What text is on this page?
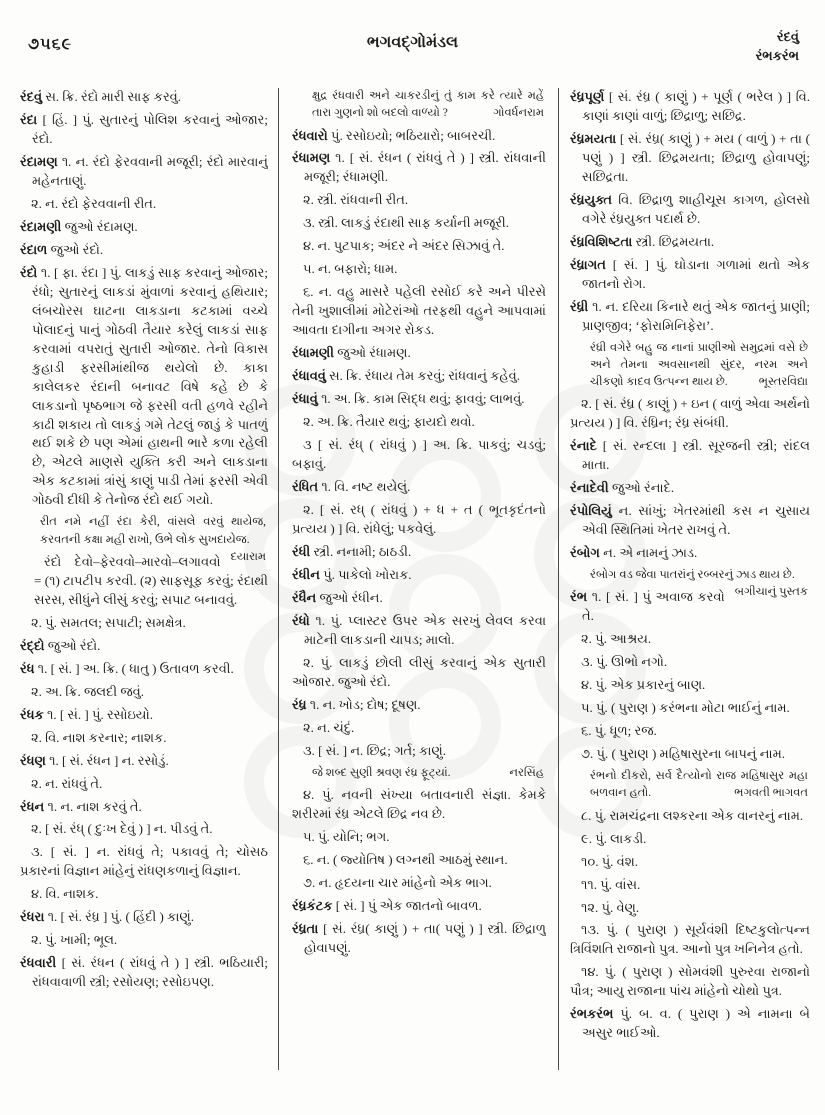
૭૫૬૯	ભગવદ્ગોમંડલ	રંદવું
રંભકરંભ

રંદવું સ. ક્રિ. રંદો મારી સાફ કરવું.

રંદા [ હિં. ] પું. સુતારનું પોલિશ કરવાનું ઓજાર; રંદો.

રંદામણ ૧. ન. રંદો ફેરવવાની મજૂરી; રંદો મારવાનું મહેનતાણું.

૨. ન. રંદો ફેરવવાની રીત.

રંદામણી જુઓ રંદામણ.

રંદાળ જુઓ રંદો.

રંદો ૧. [ ફા. રંદા ] પું. લાકડું સાફ કરવાનું ઓજાર; રંધો; સુતારનું લાકડાં મુંવાળાં કરવાનું હથિયાર; લંબચોરસ ઘાટના લાકડાના કટકામાં વચ્ચે પોલાદનું પાનું ગોઠવી તૈયાર કરેલું લાકડાં સાફ કરવામાં વપરાતું સુતારી ઓજાર. તેનો વિકાસ કુહાડી ફરસીમાંથીજ થયેલો છે. કાકા કાલેલકર રંદાની બનાવટ વિષે કહે છે કે લાકડાનો પૃષ્ઠભાગ જે ફરસી વતી હળવે રહીને કાઢી શકાય તો લાકડું ગમે તેટલું જાડું કે પાતળું થઈ શકે છે પણ એમાં હાથની ભારે કળા રહેલી છે, એટલે માણસે યુક્તિ કરી અને લાકડાના એક કટકામાં ત્રાંસું કાણું પાડી તેમાં ફરસી એવી ગોઠવી દીધી કે તેનોજ રંદો થઈ ગયો.

રીત નમે નહીં રંદા કેરી, વાંસલે વરવું થાયેજ, કરવતની કક્ષા મહી રાખો, ઉભે લોક સુખદાયેજ.
દયારામ

રંદો દેવો–ફેરવવો–મારવો–લગાવવો = (૧) ટાપટીપ કરવી. (૨) સાફસૂફ કરવું; રંદાથી સરસ, સીધુંને લીસું કરવું; સપાટ બનાવવું.

૨. પું. સમતલ; સપાટી; સમક્ષેત્ર.

રંદ્દો જુઓ રંદો.

રંધ ૧. [ સં. ] અ. ક્રિ. ( ધાતુ ) ઉતાવળ કરવી.

૨. અ. ક્રિ. જલદી જવું.

રંધક ૧. [ સં. ] પું. રસોઇયો.

૨. વિ. નાશ કરનાર; નાશક.

રંધણ ૧. [ સં. રંધન ] ન. રસોડું.

૨. ન. રાંધવું તે.

રંધન ૧. ન. નાશ કરવું તે.

૨. [ સં. રંધ્ ( દુઃખ દેવું ) ] ન. પીડવું તે.

૩. [ સં. ] ન. રાંધવું તે; પકાવવું તે; ચોસઠ પ્રકારનાં વિજ્ઞાન માંહેનું રાંધણકળાનું વિજ્ઞાન.

૪. વિ. નાશક.

રંધરા ૧. [ સં. રંધ્ર ] પું. ( હિંદી ) કાણું.

૨. પું. ખામી; ભૂલ.

રંધવારી [ સં. રંધન ( રાંધવું તે ) ] સ્ત્રી. ભઠિયારી; રાંધવાવાળી સ્ત્રી; રસોયણ; રસોઇપણ.

ક્ષુદ્ર રંધવારી અને ચાકરડીનું તું કામ કરે ત્યારે મહેં તારા ગુણનો શો બદલો વાળ્યો ?	ગોવર્ધનરામ

રંધવારો પું. રસોઇયો; ભઠિયારો; બાબરચી.

રંધામણ ૧. [ સં. રંધન ( રાંધવું તે ) ] સ્ત્રી. રાંધવાની મજૂરી; રંધામણી.

૨. સ્ત્રી. રાંધવાની રીત.

૩. સ્ત્રી. લાકડું રંદાથી સાફ કર્યાની મજૂરી.

૪. ન. પુટપાક; અંદર ને અંદર સિઝાવું તે.

૫. ન. બફારો; ધામ.

૬. ન. વહુ માસરે પહેલી રસોઈ કરે અને પીરસે તેની ખુશાલીમાં મોટેરાંઓ તરફથી વહુને આપવામાં આવતા દાગીના અગર રોકડ.

રંધામણી જુઓ રંધામણ.

રંધાવવું સ. ક્રિ. રંધાય તેમ કરવું; રાંધવાનું કહેવું.

રંધાવું ૧. અ. ક્રિ. કામ સિદ્ધ થવું; ફાવવું; લાભવું.

૨. અ. ક્રિ. તૈયાર થવું; ફાયદો થવો.

૩ [ સં. રંધ્ ( રાંધવું ) ] અ. ક્રિ. પાકવું; ચડવું; બફાવું.

રંધિત ૧. વિ. નષ્ટ થયેલું.

૨. [ સં. રધ્ ( રાંધવું ) + ધ + ત ( ભૂતકૃદંતનો પ્રત્યય ) ] વિ. રાંધેલું; પકવેલું.

રંધી સ્ત્રી. નનામી; ઠાઠડી.

રંધીન પું. પાકેલો ખોરાક.

રંધૈન જુઓ રંધીન.

રંધો ૧. પું. પ્લાસ્ટર ઉપર એક સરખું લેવલ કરવા માટેની લાકડાની ચાપડ; માલો.

૨. પું. લાકડું છોલી લીસું કરવાનું એક સુતારી ઓજાર. જુઓ રંદો.

રંધ્ર ૧. ન. ખોડ; દોષ; દૂષણ.

૨. ન. ચંદું.

૩. [ સં. ] ન. છિદ્ર; ગર્ત; કાણું.

જે શબ્દ સુણી શ્રવણ રંધ્ર ફૂટ્યાં.	નરસિંહ

૪. પું. નવની સંખ્યા બતાવનારી સંજ્ઞા. કેમકે શરીરમાં રંધ્ર એટલે છિદ્ર નવ છે.

૫. પું. યોનિ; ભગ.

૬. ન. ( જ્યોતિષ ) લગ્નથી આઠમું સ્થાન.

૭. ન. હૃદયના ચાર માંહેનો એક ભાગ.

રંધ્રકંટક [ સં. ] પું એક જાતનો બાવળ.

રંધ્રતા [ સં. રંધ્ર( કાણું ) + તા( પણું ) ] સ્ત્રી. છિદ્રાળુ હોવાપણું.

રંધ્રપૂર્ણ [ સં. રંધ્ર ( કાણું ) + પૂર્ણ ( ભરેલ ) ] વિ. કાણાં કાણાં વાળું; છિદ્રાળુ; સછિદ્ર.

રંધ્રમયતા [ સં. રંધ્ર( કાણું ) + મય ( વાળું ) + તા ( પણું ) ] સ્ત્રી. છિદ્રમયતા; છિદ્રાળુ હોવાપણું; સછિદ્રતા.

રંધ્રયુક્ત વિ. છિદ્રાળુ શાહીચૂસ કાગળ, હોલસો વગેરે રંધ્રયુક્ત પદાર્થ છે.

રંધ્રવિશિષ્ટતા સ્ત્રી. છિદ્રમયતા.

રંધ્રાગત [ સં. ] પું. ઘોડાના ગળામાં થતો એક જાતનો રોગ.

રંધ્રી ૧. ન. દરિયા કિનારે થતું એક જાતનું પ્રાણી; પ્રાણજીવ; ‘ફોરામિનિફેરા’.

રંધ્રી વગેરે બહુ જ નાનાં પ્રાણીઓ સમુદ્રમાં વસે છે અને તેમના અવસાનથી સુંદર, નરમ અને ચીકણો કાદવ ઉત્પન્ન થાય છે.	ભૂસ્તરવિદ્યા

૨. [ સં. રંધ્ર ( કાણું ) + ઇન ( વાળું એવા અર્થનો પ્રત્યય ) ] વિ. રંધ્રિન; રંધ્ર સંબંધી.

રંનાદે [ સં. રન્દલા ] સ્ત્રી. સૂરજની સ્ત્રી; રાંદલ માતા.

રંનાદેવી જુઓ રંનાદે.

રંપોલિયું ન. સાંખું; ખેતરમાંથી કસ ન ચુસાય એવી સ્થિતિમાં ખેતર રાખવું તે.

રંબોગ ન. એ નામનું ઝાડ.

રંબોગ વડ જેવા પાતરાંનું રબ્બરનું ઝાડ થાય છે.
બગીચાનું પુસ્તક

રંભ ૧. [ સં. ] પું અવાજ કરવો તે.

૨. પું. આશ્રય.

૩. પું. ઊભો નગો.

૪. પું. એક પ્રકારનું બાણ.

૫. પું. ( પુરાણ ) કરંભના મોટા ભાઈનું નામ.

૬. પું. ધૂળ; રજ.

૭. પું. ( પુરાણ ) મહિષાસુરના બાપનું નામ.

રંભનો દીકરો, સર્વ દૈત્યોનો રાજ મહિષાસુર મહા બળવાન હતો.	ભગવતી ભાગવત

૮. પું. રામચંદ્રના લશ્કરના એક વાનરનું નામ.

૯. પું. લાકડી.

૧૦. પું. વંશ.

૧૧. પું. વાંસ.

૧૨. પું. વેણુ.

૧૩. પું. ( પુરાણ ) સૂર્યવંશી દિષ્ટકુલોત્પન્ન ત્રિવિંશતિ રાજાનો પુત્ર. આનો પુત્ર ખનિનેત્ર હતો.

૧૪. પું. ( પુરાણ ) સોમવંશી પુરુરવા રાજાનો પૌત્ર; આયુ રાજાના પાંચ માંહેનો ચોથો પુત્ર.

રંભકરંભ પું. બ. વ. ( પુરાણ ) એ નામના બે અસુર ભાઈઓ.
